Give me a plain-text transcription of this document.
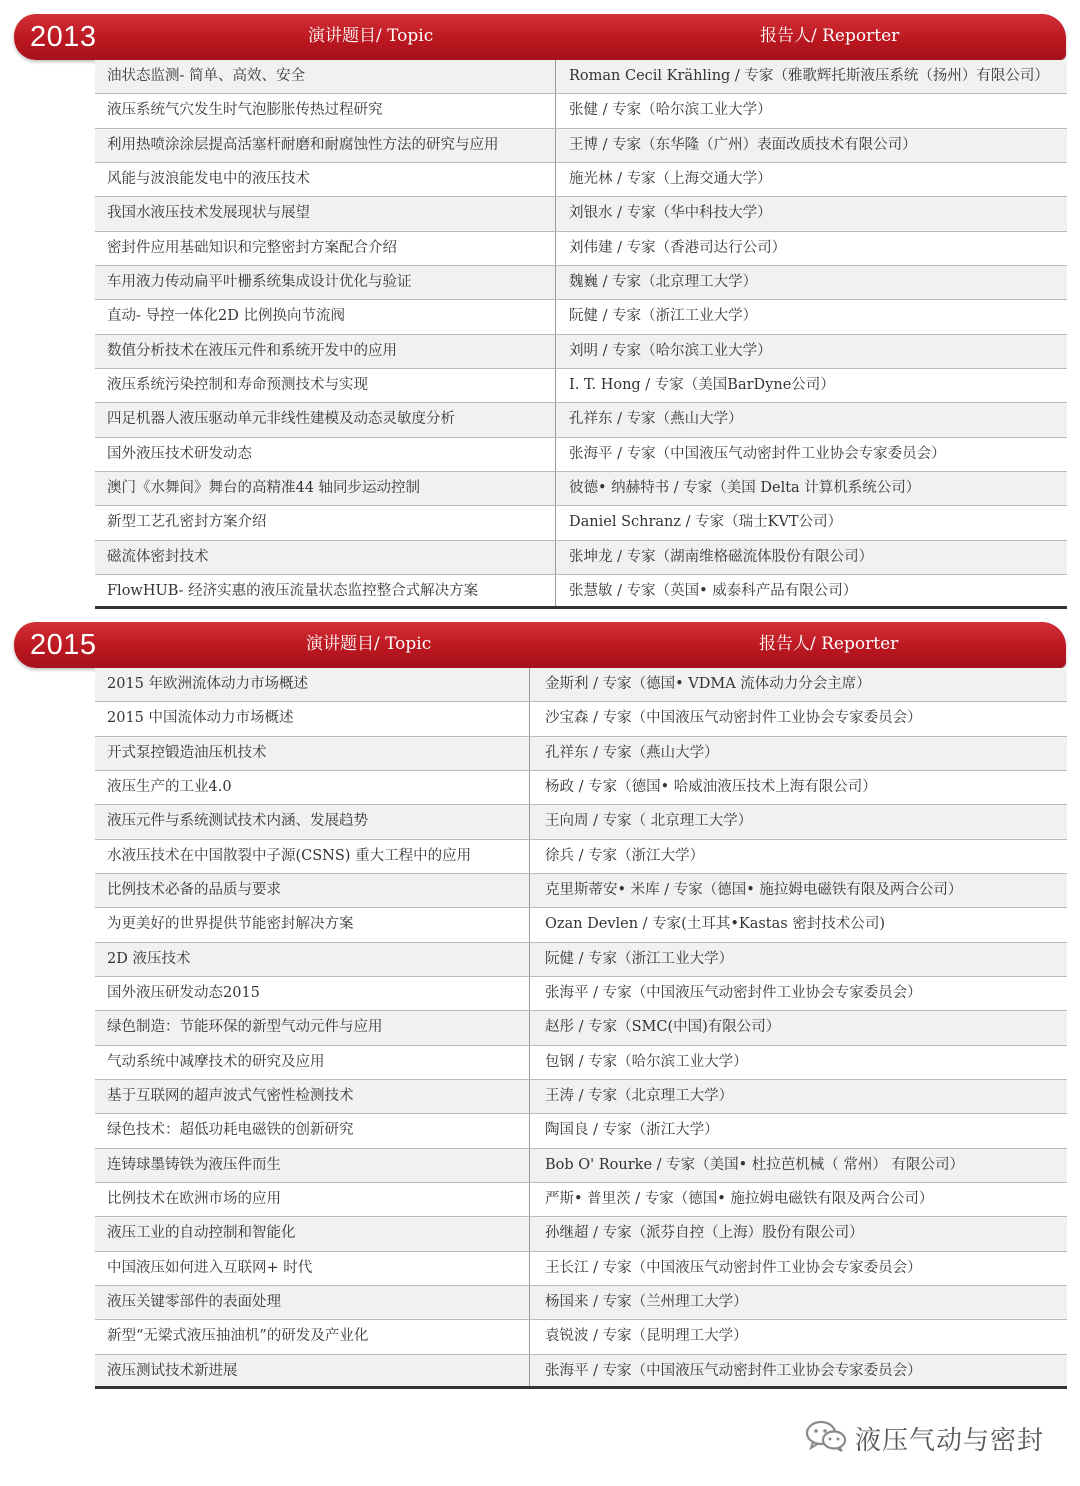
2013	演讲题目/ Topic	报告人/ Reporter
油状态监测- 简单、高效、安全	Roman Cecil Krähling / 专家（雅歌辉托斯液压系统（扬州）有限公司）
液压系统气穴发生时气泡膨胀传热过程研究	张健 / 专家（哈尔滨工业大学）
利用热喷涂涂层提高活塞杆耐磨和耐腐蚀性方法的研究与应用	王博 / 专家（东华隆（广州）表面改质技术有限公司）
风能与波浪能发电中的液压技术	施光林 / 专家（上海交通大学）
我国水液压技术发展现状与展望	刘银水 / 专家（华中科技大学）
密封件应用基础知识和完整密封方案配合介绍	刘伟建 / 专家（香港司达行公司）
车用液力传动扁平叶栅系统集成设计优化与验证	魏巍 / 专家（北京理工大学）
直动- 导控一体化2D 比例换向节流阀	阮健 / 专家（浙江工业大学）
数值分析技术在液压元件和系统开发中的应用	刘明 / 专家（哈尔滨工业大学）
液压系统污染控制和寿命预测技术与实现	I. T. Hong / 专家（美国BarDyne公司）
四足机器人液压驱动单元非线性建模及动态灵敏度分析	孔祥东 / 专家（燕山大学）
国外液压技术研发动态	张海平 / 专家（中国液压气动密封件工业协会专家委员会）
澳门《水舞间》舞台的高精准44 轴同步运动控制	彼德• 纳赫特书 / 专家（美国 Delta 计算机系统公司）
新型工艺孔密封方案介绍	Daniel Schranz / 专家（瑞士KVT公司）
磁流体密封技术	张坤龙 / 专家（湖南维格磁流体股份有限公司）
FlowHUB- 经济实惠的液压流量状态监控整合式解决方案	张慧敏 / 专家（英国• 威泰科产品有限公司）
2015	演讲题目/ Topic	报告人/ Reporter
2015 年欧洲流体动力市场概述	金斯利 / 专家（德国• VDMA 流体动力分会主席）
2015 中国流体动力市场概述	沙宝森 / 专家（中国液压气动密封件工业协会专家委员会）
开式泵控锻造油压机技术	孔祥东 / 专家（燕山大学）
液压生产的工业4.0	杨政 / 专家（德国• 哈威油液压技术上海有限公司）
液压元件与系统测试技术内涵、发展趋势	王向周 / 专家（ 北京理工大学）
水液压技术在中国散裂中子源(CSNS) 重大工程中的应用	徐兵 / 专家（浙江大学）
比例技术必备的品质与要求	克里斯蒂安• 米库 / 专家（德国• 施拉姆电磁铁有限及两合公司）
为更美好的世界提供节能密封解决方案	Ozan Devlen / 专家(土耳其•Kastas 密封技术公司)
2D 液压技术	阮健 / 专家（浙江工业大学）
国外液压研发动态2015	张海平 / 专家（中国液压气动密封件工业协会专家委员会）
绿色制造：节能环保的新型气动元件与应用	赵彤 / 专家（SMC(中国)有限公司）
气动系统中减摩技术的研究及应用	包钢 / 专家（哈尔滨工业大学）
基于互联网的超声波式气密性检测技术	王涛 / 专家（北京理工大学）
绿色技术：超低功耗电磁铁的创新研究	陶国良 / 专家（浙江大学）
连铸球墨铸铁为液压件而生	Bob O' Rourke / 专家（美国• 杜拉芭机械（ 常州） 有限公司）
比例技术在欧洲市场的应用	严斯• 普里茨 / 专家（德国• 施拉姆电磁铁有限及两合公司）
液压工业的自动控制和智能化	孙继超 / 专家（派芬自控（上海）股份有限公司）
中国液压如何进入互联网+ 时代	王长江 / 专家（中国液压气动密封件工业协会专家委员会）
液压关键零部件的表面处理	杨国来 / 专家（兰州理工大学）
新型“无梁式液压抽油机”的研发及产业化	袁锐波 / 专家（昆明理工大学）
液压测试技术新进展	张海平 / 专家（中国液压气动密封件工业协会专家委员会）
液压气动与密封
